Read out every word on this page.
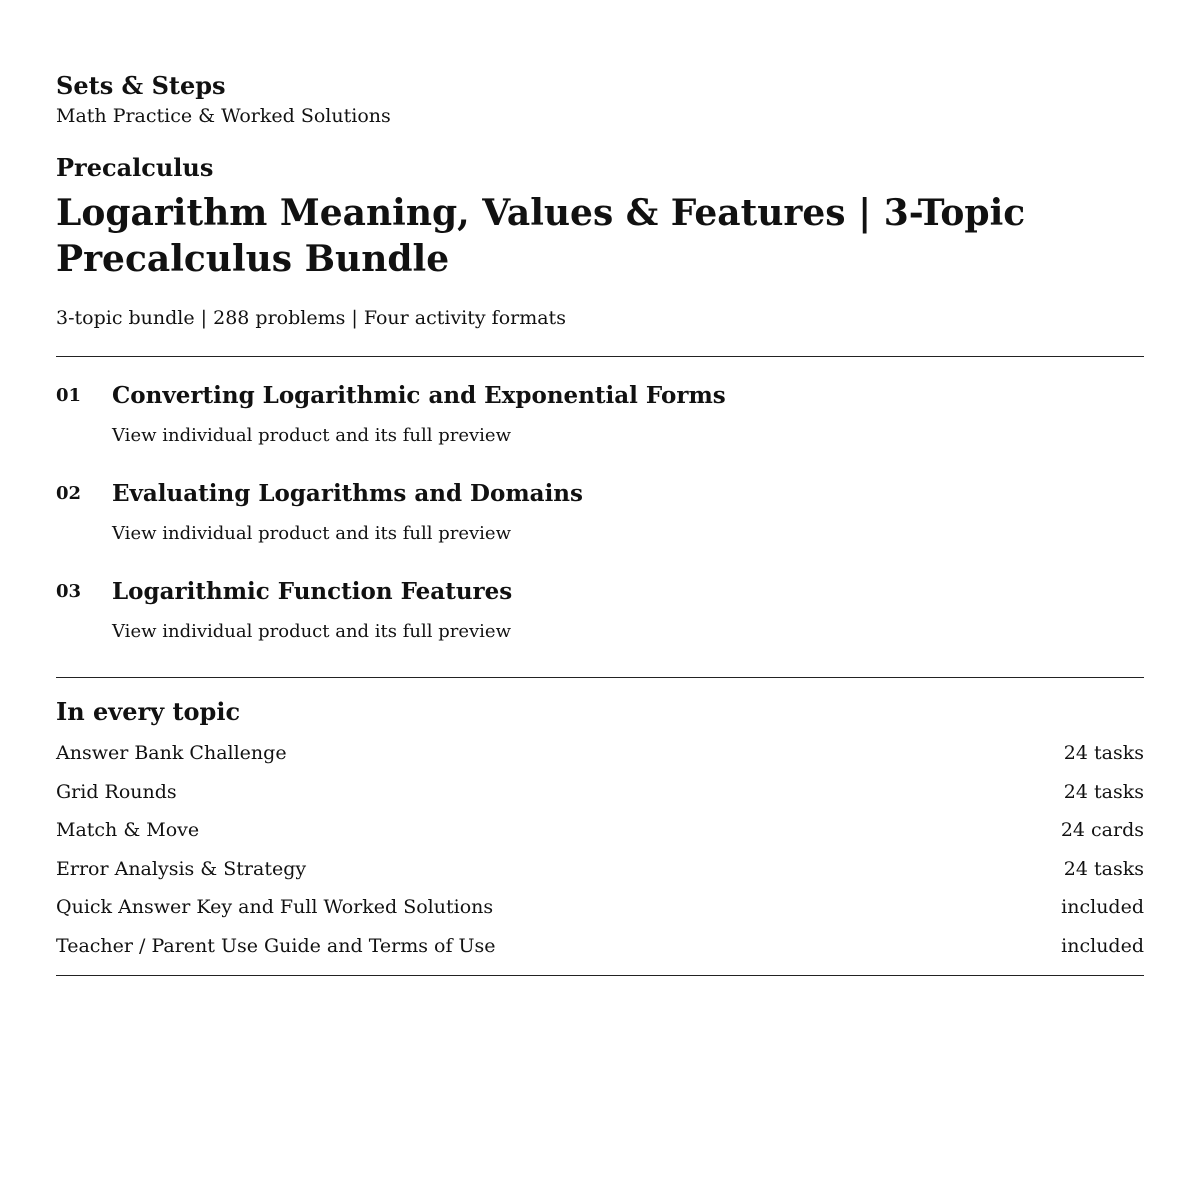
Sets & Steps
Math Practice & Worked Solutions
Precalculus
Logarithm Meaning, Values & Features | 3-Topic Precalculus Bundle
3-topic bundle | 288 problems | Four activity formats
01 Converting Logarithmic and Exponential Forms
View individual product and its full preview
02 Evaluating Logarithms and Domains
View individual product and its full preview
03 Logarithmic Function Features
View individual product and its full preview
In every topic
Answer Bank Challenge	24 tasks
Grid Rounds	24 tasks
Match & Move	24 cards
Error Analysis & Strategy	24 tasks
Quick Answer Key and Full Worked Solutions	included
Teacher / Parent Use Guide and Terms of Use	included
